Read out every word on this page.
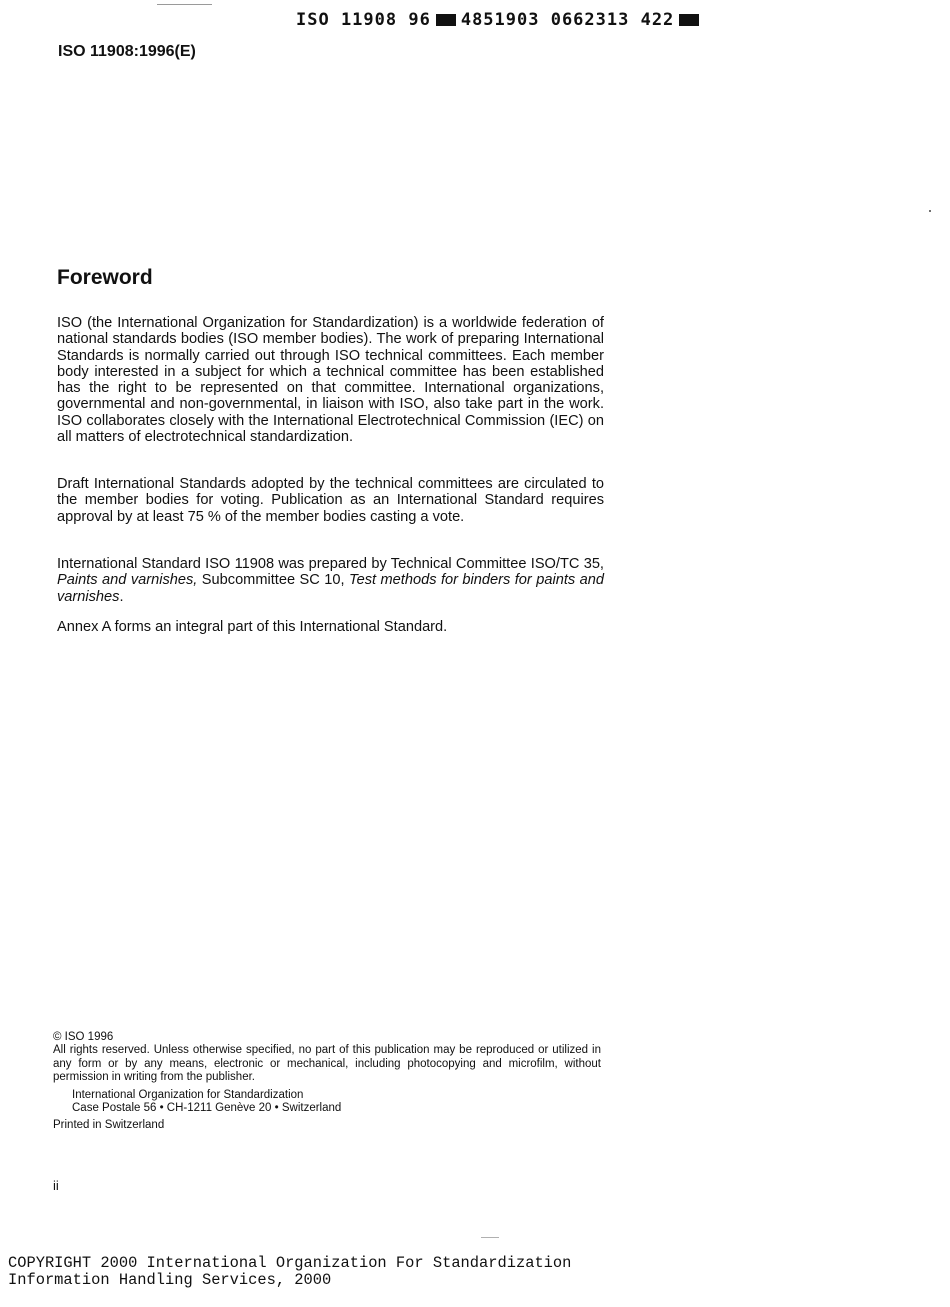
ISO 11908 96 4851903 0662313 422
ISO 11908:1996(E)
Foreword
ISO (the International Organization for Standardization) is a worldwide federation of national standards bodies (ISO member bodies). The work of preparing International Standards is normally carried out through ISO technical committees. Each member body interested in a subject for which a technical committee has been established has the right to be represented on that committee. International organizations, governmental and non-governmental, in liaison with ISO, also take part in the work. ISO collaborates closely with the International Electrotechnical Commission (IEC) on all matters of electrotechnical standardization.
Draft International Standards adopted by the technical committees are circulated to the member bodies for voting. Publication as an International Standard requires approval by at least 75 % of the member bodies casting a vote.
International Standard ISO 11908 was prepared by Technical Committee ISO/TC 35, Paints and varnishes, Subcommittee SC 10, Test methods for binders for paints and varnishes.
Annex A forms an integral part of this International Standard.

© ISO 1996

All rights reserved. Unless otherwise specified, no part of this publication may be reproduced or utilized in any form or by any means, electronic or mechanical, including photocopying and microfilm, without permission in writing from the publisher.

International Organization for Standardization

Case Postale 56 • CH-1211 Genève 20 • Switzerland

Printed in Switzerland

ii
COPYRIGHT 2000 International Organization For Standardization
Information Handling Services, 2000
